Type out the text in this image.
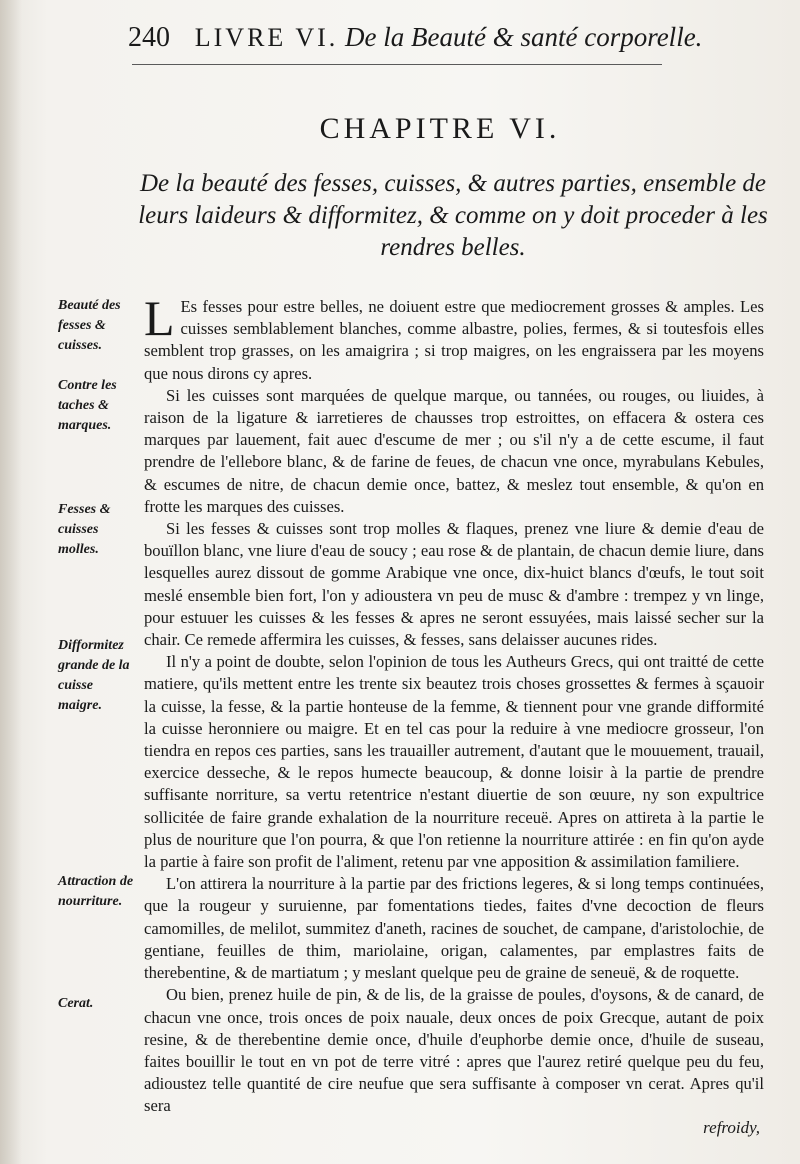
240 LIVRE VI. De la Beauté & santé corporelle.
CHAPITRE VI.
De la beauté des fesses, cuisses, & autres parties, ensemble de leurs laideurs & difformitez, & comme on y doit proceder à les rendres belles.
Beauté des fesses & cuisses.
Contre les taches & marques.
Fesses & cuisses molles.
Difformitez grande de la cuisse maigre.
Attraction de nourriture.
Cerat.

L Es fesses pour estre belles, ne doiuent estre que mediocrement grosses & amples. Les cuisses semblablement blanches, comme albastre, polies, fermes, & si toutesfois elles semblent trop grasses, on les amaigrira ; si trop maigres, on les engraissera par les moyens que nous dirons cy apres.

Si les cuisses sont marquées de quelque marque, ou tannées, ou rouges, ou liuides, à raison de la ligature & iarretieres de chausses trop estroittes, on effacera & ostera ces marques par lauement, fait auec d'escume de mer ; ou s'il n'y a de cette escume, il faut prendre de l'ellebore blanc, & de farine de feues, de chacun vne once, myrabulans Kebules, & escumes de nitre, de chacun demie once, battez, & meslez tout ensemble, & qu'on en frotte les marques des cuisses.

Si les fesses & cuisses sont trop molles & flaques, prenez vne liure & demie d'eau de bouïllon blanc, vne liure d'eau de soucy ; eau rose & de plantain, de chacun demie liure, dans lesquelles aurez dissout de gomme Arabique vne once, dix-huict blancs d'œufs, le tout soit meslé ensemble bien fort, l'on y adioustera vn peu de musc & d'ambre : trempez y vn linge, pour estuuer les cuisses & les fesses & apres ne seront essuyées, mais laissé secher sur la chair. Ce remede affermira les cuisses, & fesses, sans delaisser aucunes rides.

Il n'y a point de doubte, selon l'opinion de tous les Autheurs Grecs, qui ont traitté de cette matiere, qu'ils mettent entre les trente six beautez trois choses grossettes & fermes à sçauoir la cuisse, la fesse, & la partie honteuse de la femme, & tiennent pour vne grande difformité la cuisse heronniere ou maigre. Et en tel cas pour la reduire à vne mediocre grosseur, l'on tiendra en repos ces parties, sans les trauailler autrement, d'autant que le mouuement, trauail, exercice desseche, & le repos humecte beaucoup, & donne loisir à la partie de prendre suffisante norriture, sa vertu retentrice n'estant diuertie de son œuure, ny son expultrice sollicitée de faire grande exhalation de la nourriture receuë. Apres on attireta à la partie le plus de nouriture que l'on pourra, & que l'on retienne la nourriture attirée : en fin qu'on ayde la partie à faire son profit de l'aliment, retenu par vne apposition & assimilation familiere.

L'on attirera la nourriture à la partie par des frictions legeres, & si long temps continuées, que la rougeur y suruienne, par fomentations tiedes, faites d'vne decoction de fleurs camomilles, de melilot, summitez d'aneth, racines de souchet, de campane, d'aristolochie, de gentiane, feuilles de thim, mariolaine, origan, calamentes, par emplastres faits de therebentine, & de martiatum ; y meslant quelque peu de graine de seneuë, & de roquette.

Ou bien, prenez huile de pin, & de lis, de la graisse de poules, d'oysons, & de canard, de chacun vne once, trois onces de poix nauale, deux onces de poix Grecque, autant de poix resine, & de therebentine demie once, d'huile d'euphorbe demie once, d'huile de suseau, faites bouillir le tout en vn pot de terre vitré : apres que l'aurez retiré quelque peu du feu, adioustez telle quantité de cire neufue que sera suffisante à composer vn cerat. Apres qu'il sera

refroidy,
